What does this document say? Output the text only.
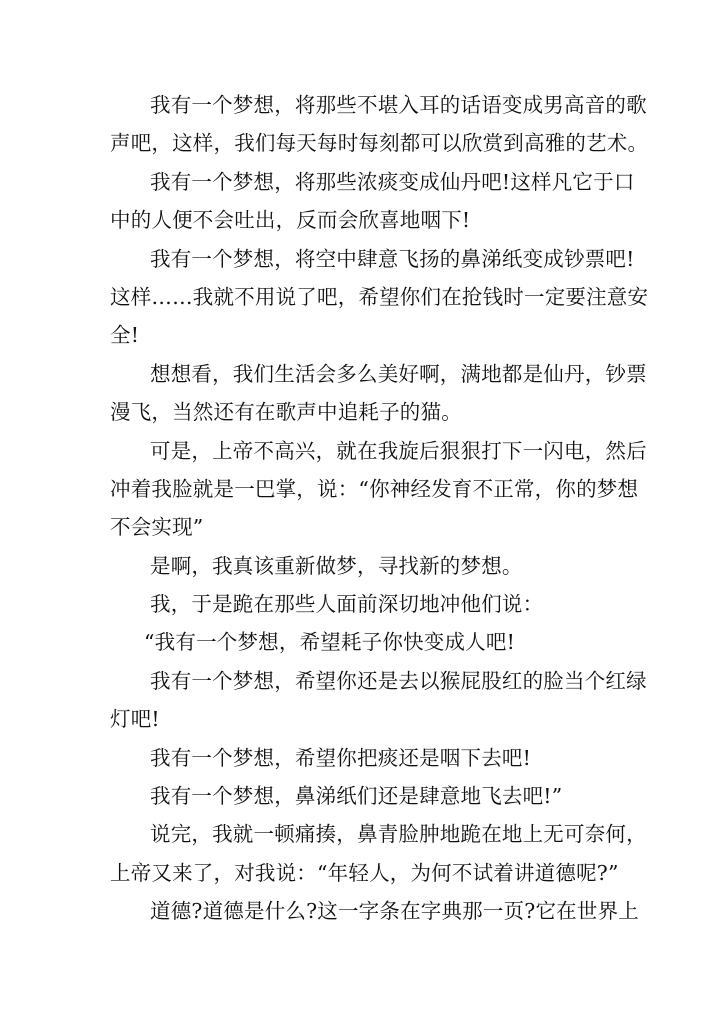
我有一个梦想，将那些不堪入耳的话语变成男高音的歌
声吧，这样，我们每天每时每刻都可以欣赏到高雅的艺术。
我有一个梦想，将那些浓痰变成仙丹吧!这样凡它于口
中的人便不会吐出，反而会欣喜地咽下!
我有一个梦想，将空中肆意飞扬的鼻涕纸变成钞票吧!
这样……我就不用说了吧，希望你们在抢钱时一定要注意安
全!
想想看，我们生活会多么美好啊，满地都是仙丹，钞票
漫飞，当然还有在歌声中追耗子的猫。
可是，上帝不高兴，就在我旋后狠狠打下一闪电，然后
冲着我脸就是一巴掌，说：“你神经发育不正常，你的梦想
不会实现”
是啊，我真该重新做梦，寻找新的梦想。
我，于是跪在那些人面前深切地冲他们说：
“我有一个梦想，希望耗子你快变成人吧!
我有一个梦想，希望你还是去以猴屁股红的脸当个红绿
灯吧!
我有一个梦想，希望你把痰还是咽下去吧!
我有一个梦想，鼻涕纸们还是肆意地飞去吧!”
说完，我就一顿痛揍，鼻青脸肿地跪在地上无可奈何，
上帝又来了，对我说：“年轻人，为何不试着讲道德呢?”
道德?道德是什么?这一字条在字典那一页?它在世界上
